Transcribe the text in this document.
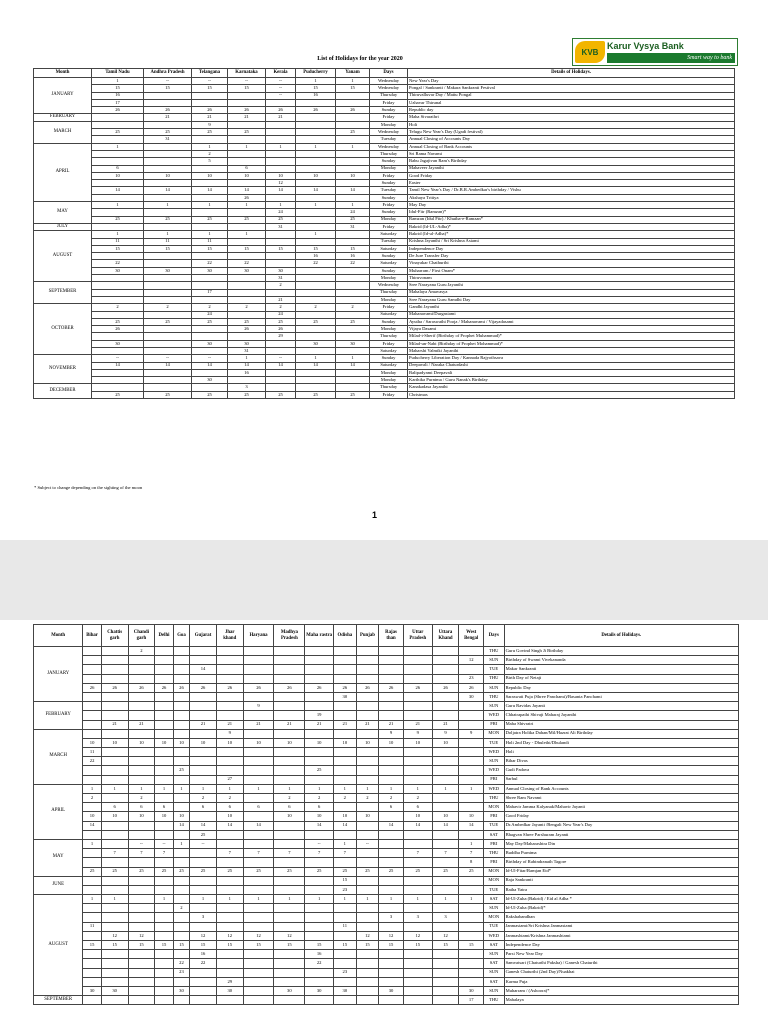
KVB
Karur Vysya Bank
Smart way to bank
List of Holidays for the year 2020
Month	Tamil Nadu	Andhra Pradesh	Telangana	Karnataka	Kerala	Puducherry	Yanam	Days	Details of Holidays.
JANUARY	1	--	--	--	--	1	1	Wednesday	New Year's Day
	15	15	15	15	--	15	15	Wednesday	Pongal / Sankranti / Makara Sankranti Festival
	16				--	16		Thursday	Thiruvalluvar Day / Mattu Pongal
	17							Friday	Uzhavar Thirunal
	26	26	26	26	26	26	26	Sunday	Republic day
FEBRUARY		21	21	21	21			Friday	Maha Sivarathri
MARCH			9					Monday	Holi
	25	25	25	25			25	Wednesday	Telugu New Year's Day (Ugadi festival)
		31						Tuesday	Annual Closing of Accounts Day
APRIL	1		1	1	1	1	1	Wednesday	Annual Closing of Bank Accounts
			2					Thursday	Sri Rama Navami
			5					Sunday	Babu Jagajivan Ram's Birthday
	6			6				Monday	Mahaveer Jayanthi
	10	10	10	10	10	10	10	Friday	Good Friday
					12			Sunday	Easter
	14	14	14	14	14	14	14	Tuesday	Tamil New Year's Day / Dr.B.R.Ambedkar's birthday / Vishu
				26				Sunday	Akshaya Tritiya
MAY	1	1	1	1	1	1	1	Friday	May Day
					24		24	Sunday	Idul-Fitr (Ramzan)*
	25	25	25	25	25		25	Monday	Ramzan (Idul Fitr) / Khutba-e-Ramzan*
JULY					31		31	Friday	Bakrid (Id-UL-Adha)*
AUGUST	1	1	1	1		1		Saturday	Bakrid (Id-ul-Adha)*
	11	11	11					Tuesday	Krishna Jayanthi / Sri Krishna Astami
	15	15	15	15	15	15	15	Saturday	Independence Day
						16	16	Sunday	De Jure Transfer Day
	22		22	22		22	22	Saturday	Vinayakar Chathurthi
	30	30	30	30	30			Sunday	Muharram / First Onam*
					31			Monday	Thiruvonam
SEPTEMBER					2			Wednesday	Sree Narayana Guru Jayanthi
			17					Thursday	Mahalaya Amavasya
					21			Monday	Sree Narayana Guru Samdhi Day
OCTOBER	2	2	2	2	2	2	2	Friday	Gandhi Jayanthi
			24		24			Saturday	Mahanavami/Durgastami
	25	25	25	25	25	25	25	Sunday	Ayutha / Saraswathi Pooja / Mahanavami / Vijayadasami
	26			26	26			Monday	Vijaya Dasami
					29			Thursday	Milad-i-Sherif (Birthday of Prophet Muhammad)*
	30		30	30		30	30	Friday	Milad-un-Nabi (Birthday of Prophet Mohammad)*
				31				Saturday	Maharshi Valmiki Jayanthi
NOVEMBER	--	--	--	1	--	1	1	Sunday	Puducherry Liberation Day / Kannada Rajyothsava
	14	14	14	14	14	14	14	Saturday	Deepavali / Naraka Chaturdashi
				16				Monday	Balipadyami Deepavali
			30					Monday	Karthika Purnima / Guru Nanak's Birthday
DECEMBER				3				Thursday	Kanakadasa Jayanthi
	25	25	25	25	25	25	25	Friday	Christmas
* Subject to change depending on the sighting of the moon
1
Month	Bihar	Chattis garh	Chandi garh	Delhi	Goa	Gujarat	Jhar khand	Haryana	Madhya Pradesh	Maha rastra	Odisha	Punjab	Rajas than	Uttar Pradesh	Uttara Khand	West Bengal	Days	Details of Holidays.
JANUARY			2														THU	Guru Govind Singh Ji Birthday
																12	SUN	Birthday of Swami Vivekananda
						14											TUE	Makar Sankranti
																23	THU	Birth Day of Netaji
	26	26	26	26	26	26	26	26	26	26	26	26	26	26	26	26	SUN	Republic Day
											30					30	THU	Saraswati Puja (Shree Panchami)/Basanta Panchami
FEBRUARY								9									SUN	Guru Ravidas Jayanti
										19							WED	Chhatrapathi Shivaji Maharaj Jayanthi
		21	21			21	21	21	21	21	21	21	21	21	21		FRI	Maha Shivratri
MARCH							9						9	9	9	9	MON	Doljatra Holika Dahan/Mil/Hazrat Ali Birthday
	10	10	10	10	10	10	10	10	10	10	10	10	10	10	10		TUE	Holi 2nd Day - Dhulethi/Dhulandi
	11																WED	Holi
	22																SUN	Bihar Divas
					25					25							WED	Gudi Padava
							27										FRI	Sarhul
APRIL	1	1	1	1	1	1	1	1	1	1	1	1	1	1	1	1	WED	Annual Closing of Bank Accounts
	2		2			2	2		2	2	2	2	2	2			THU	Shree Ram Navami
		6	6	6		6	6	6	6	6			6	6			MON	Mahavir Jamma Kalyanak/Mahavir Jayanti
	10	10	10	10	10		10		10	10	10	10		10	10	10	FRI	Good Friday
	14				14	14	14	14		14	14		14	14	14	14	TUE	Dr.Ambedkar Jayanti /Bengali New Year's Day
						25											SAT	Bhagvan Shree Parshuram Jayanti
MAY	1		--	--	1	--				--	1	--				1	FRI	May Day/Maharashtra Din
		7	7	7			7	7	7	7	7			7	7	7	THU	Buddha Purnima
																8	FRI	Birthday of Rabindranath Tagore
	25	25	25	25	25	25	25	25	25	25	25	25	25	25	25	25	MON	Id-Ul-Fitar/Ramjan Eid*
JUNE											15						MON	Raja Sankranti
											23						TUE	Ratha Yatra
AUGUST	1	1		1		1	1	1	1	1	1	1	1	1	1	1	SAT	Id-Ul-Zuha (Bakrid) / Eid al Adha *
					2												SUN	Id-Ul-Zuha (Bakrid)*
						3							3	3	3		MON	Rakshabandhan
	11										11						TUE	Janmastami/Sri Krishna Janmastami
		12	12			12	12	12	12			12	12	12	12		WED	Janmashtami/Krishna Janmashtami
	15	15	15	15	15	15	15	15	15	15	15	15	15	15	15	15	SAT	Independence Day
						16				16							SUN	Parsi New Year Day
					22	22				22							SAT	Samvatsari (Chaturthi Paksha) / Ganesh Chaturthi
					23						23						SUN	Ganesh Chaturthi (2nd Day)/Nuakhai
							29										SAT	Karma Puja
	30	30			30		30		30	30	30		30			30	SUN	Muharram / (Ashoora)*
SEPTEMBER																17	THU	Mahalaya
